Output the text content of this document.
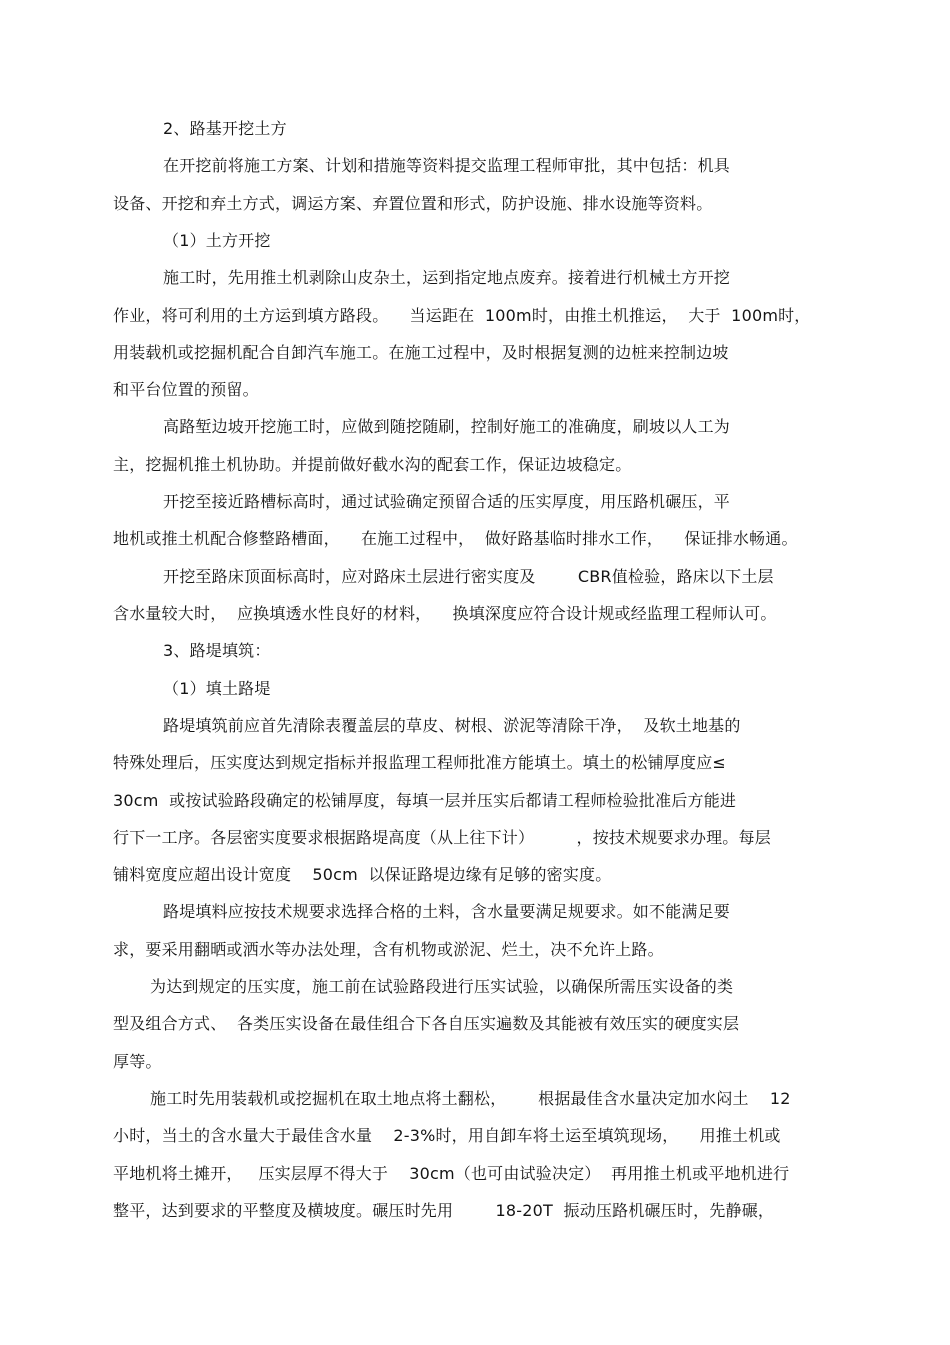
2、路基开挖土方
在开挖前将施工方案、计划和措施等资料提交监理工程师审批，其中包括：机具
设备、开挖和弃土方式，调运方案、弃置位置和形式，防护设施、排水设施等资料。
（1）土方开挖
施工时，先用推土机剥除山皮杂土，运到指定地点废弃。接着进行机械土方开挖
作业，将可利用的土方运到填方路段。    当运距在  100m时，由推土机推运，  大于  100m时，
用装载机或挖掘机配合自卸汽车施工。在施工过程中，及时根据复测的边桩来控制边坡
和平台位置的预留。
高路堑边坡开挖施工时，应做到随挖随刷，控制好施工的准确度，刷坡以人工为
主，挖掘机推土机协助。并提前做好截水沟的配套工作，保证边坡稳定。
开挖至接近路槽标高时，通过试验确定预留合适的压实厚度，用压路机碾压，平
地机或推土机配合修整路槽面，    在施工过程中，  做好路基临时排水工作，    保证排水畅通。
开挖至路床顶面标高时，应对路床土层进行密实度及        CBR值检验，路床以下土层
含水量较大时，  应换填透水性良好的材料，    换填深度应符合设计规或经监理工程师认可。
3、路堤填筑：
（1）填土路堤
路堤填筑前应首先清除表覆盖层的草皮、树根、淤泥等清除干净，  及软土地基的
特殊处理后，压实度达到规定指标并报监理工程师批准方能填土。填土的松铺厚度应≤
30cm  或按试验路段确定的松铺厚度，每填一层并压实后都请工程师检验批准后方能进
行下一工序。各层密实度要求根据路堤高度（从上往下计）        ，按技术规要求办理。每层
铺料宽度应超出设计宽度    50cm  以保证路堤边缘有足够的密实度。
路堤填料应按技术规要求选择合格的土料，含水量要满足规要求。如不能满足要
求，要采用翻晒或洒水等办法处理，含有机物或淤泥、烂土，决不允许上路。
为达到规定的压实度，施工前在试验路段进行压实试验，以确保所需压实设备的类
型及组合方式、  各类压实设备在最佳组合下各自压实遍数及其能被有效压实的硬度实层
厚等。
施工时先用装载机或挖掘机在取土地点将土翻松，      根据最佳含水量决定加水闷土    12
小时，当土的含水量大于最佳含水量    2-3%时，用自卸车将土运至填筑现场，    用推土机或
平地机将土摊开，   压实层厚不得大于    30cm（也可由试验决定）  再用推土机或平地机进行
整平，达到要求的平整度及横坡度。碾压时先用        18-20T  振动压路机碾压时，先静碾，
